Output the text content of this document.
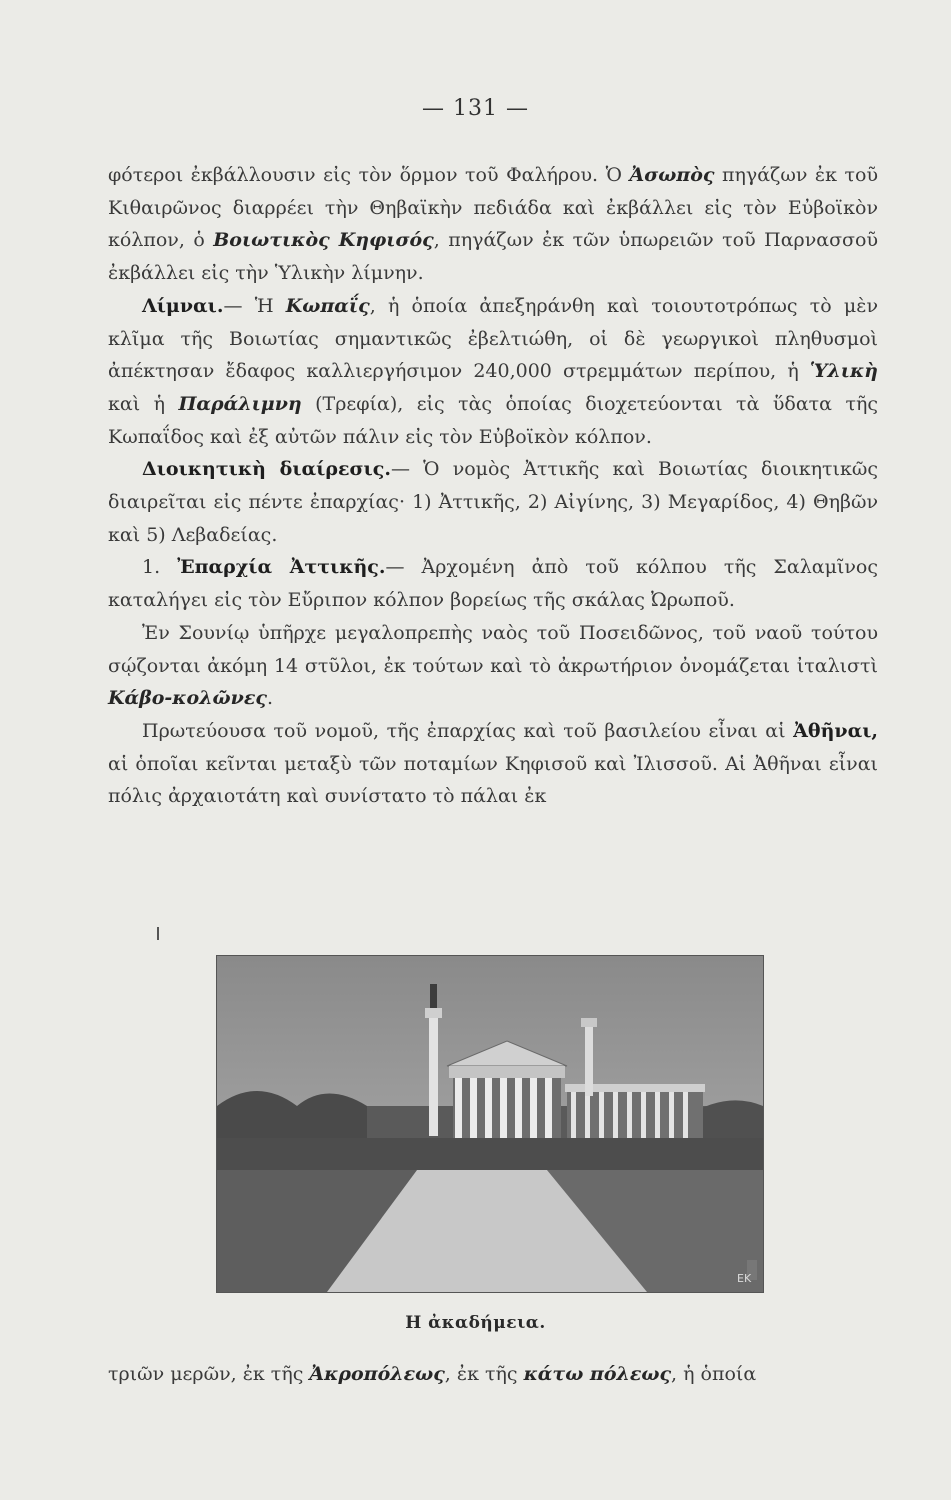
— 131 —

φότεροι ἐκβάλλουσιν εἰς τὸν ὅρμον τοῦ Φαλήρου. Ὁ Ἀσωπὸς πηγάζων ἐκ τοῦ Κιθαιρῶνος διαρρέει τὴν Θηβαϊκὴν πεδιάδα καὶ ἐκβάλλει εἰς τὸν Εὐβοϊκὸν κόλπον, ὁ Βοιωτικὸς Κηφισός, πηγάζων ἐκ τῶν ὑπωρειῶν τοῦ Παρνασσοῦ ἐκβάλλει εἰς τὴν Ὑλικὴν λίμνην.

Λίμναι.— Ἡ Κωπαΐς, ἡ ὁποία ἀπεξηράνθη καὶ τοιουτοτρόπως τὸ μὲν κλῖμα τῆς Βοιωτίας σημαντικῶς ἐβελτιώθη, οἱ δὲ γεωργικοὶ πληθυσμοὶ ἀπέκτησαν ἔδαφος καλλιεργήσιμον 240,000 στρεμμάτων περίπου, ἡ Ὑλικὴ καὶ ἡ Παράλιμνη (Τρεφία), εἰς τὰς ὁποίας διοχετεύονται τὰ ὕδατα τῆς Κωπαΐδος καὶ ἐξ αὐτῶν πάλιν εἰς τὸν Εὐβοϊκὸν κόλπον.

Διοικητικὴ διαίρεσις.— Ὁ νομὸς Ἀττικῆς καὶ Βοιωτίας διοικητικῶς διαιρεῖται εἰς πέντε ἐπαρχίας· 1) Ἀττικῆς, 2) Αἰγίνης, 3) Μεγαρίδος, 4) Θηβῶν καὶ 5) Λεβαδείας.

1. Ἐπαρχία Ἀττικῆς.— Ἀρχομένη ἀπὸ τοῦ κόλπου τῆς Σαλαμῖνος καταλήγει εἰς τὸν Εὔριπον κόλπον βορείως τῆς σκάλας Ὠρωποῦ.

Ἐν Σουνίῳ ὑπῆρχε μεγαλοπρεπὴς ναὸς τοῦ Ποσειδῶνος, τοῦ ναοῦ τούτου σῴζονται ἀκόμη 14 στῦλοι, ἐκ τούτων καὶ τὸ ἀκρωτήριον ὀνομάζεται ἰταλιστὶ Κάβο-κολῶνες.

Πρωτεύουσα τοῦ νομοῦ, τῆς ἐπαρχίας καὶ τοῦ βασιλείου εἶναι αἱ Ἀθῆναι, αἱ ὁποῖαι κεῖνται μεταξὺ τῶν ποταμίων Κηφισοῦ καὶ Ἰλισσοῦ. Αἱ Ἀθῆναι εἶναι πόλις ἀρχαιοτάτη καὶ συνίστατο τὸ πάλαι ἐκ

EK
Η ἀκαδήμεια.

τριῶν μερῶν, ἐκ τῆς Ἀκροπόλεως, ἐκ τῆς κάτω πόλεως, ἡ ὁποία
